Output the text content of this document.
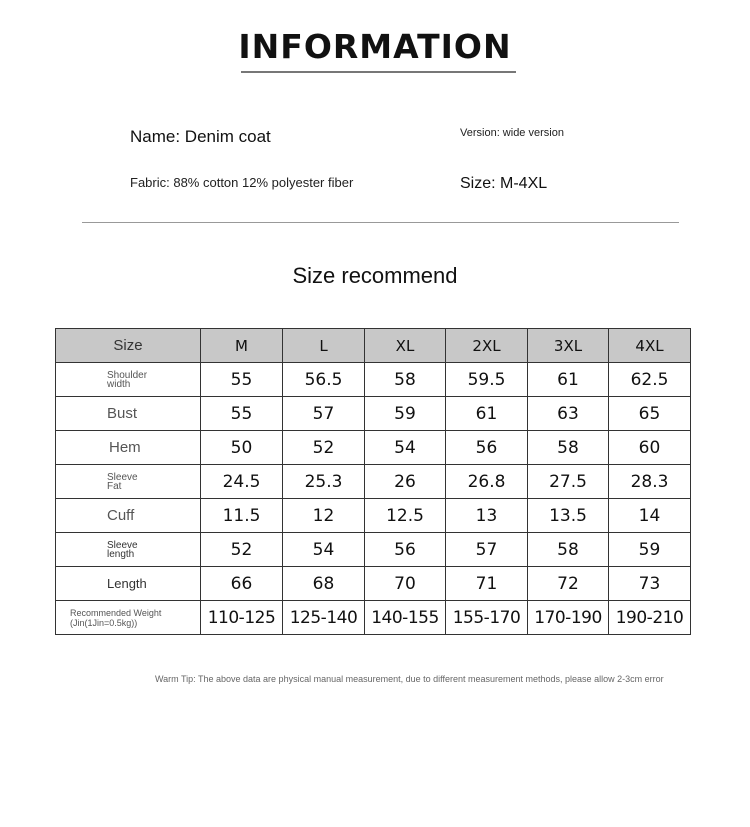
INFORMATION
Name: Denim coat	Version: wide version
Fabric: 88% cotton 12% polyester fiber	Size: M-4XL
Size recommend
Size	M	L	XL	2XL	3XL	4XL

Shoulder
width	55	56.5	58	59.5	61	62.5

Bust	55	57	59	61	63	65

Hem	50	52	54	56	58	60

Sleeve
Fat	24.5	25.3	26	26.8	27.5	28.3

Cuff	11.5	12	12.5	13	13.5	14

Sleeve
length	52	54	56	57	58	59

Length	66	68	70	71	72	73

Recommended Weight
(Jin(1Jin=0.5kg))	110-125	125-140	140-155	155-170	170-190	190-210
Warm Tip: The above data are physical manual measurement, due to different measurement methods, please allow 2-3cm error
